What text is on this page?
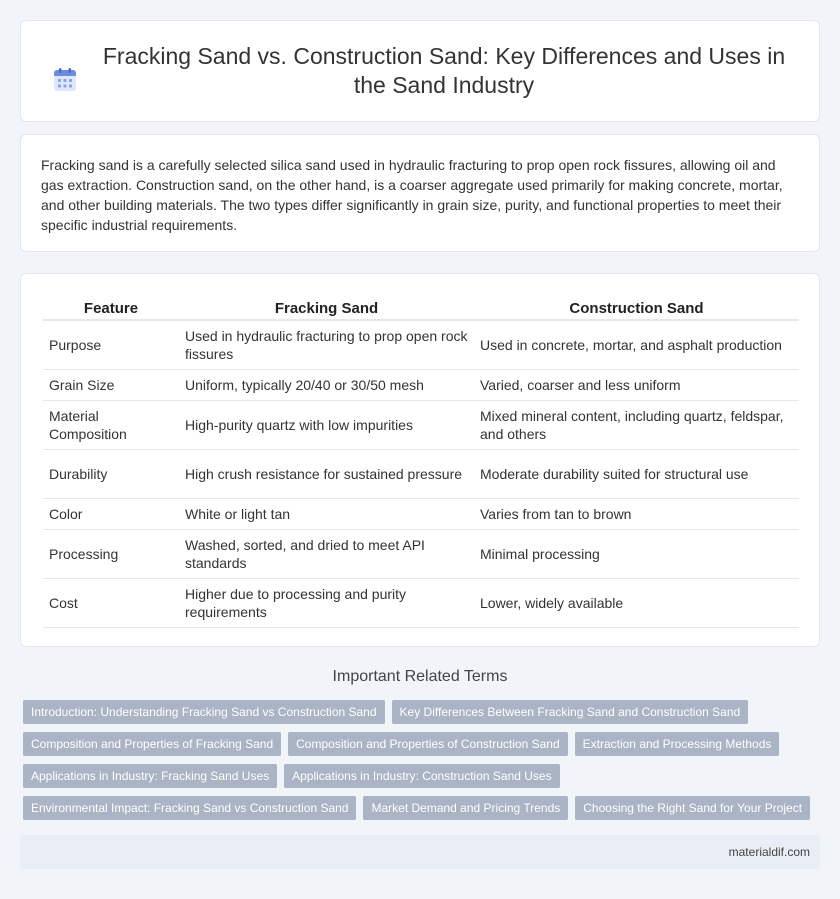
Fracking Sand vs. Construction Sand: Key Differences and Uses in the Sand Industry

Fracking sand is a carefully selected silica sand used in hydraulic fracturing to prop open rock fissures, allowing oil and gas extraction. Construction sand, on the other hand, is a coarser aggregate used primarily for making concrete, mortar, and other building materials. The two types differ significantly in grain size, purity, and functional properties to meet their specific industrial requirements.

Feature	Fracking Sand	Construction Sand
Purpose	Used in hydraulic fracturing to prop open rock fissures	Used in concrete, mortar, and asphalt production
Grain Size	Uniform, typically 20/40 or 30/50 mesh	Varied, coarser and less uniform
Material Composition	High-purity quartz with low impurities	Mixed mineral content, including quartz, feldspar, and others
Durability	High crush resistance for sustained pressure	Moderate durability suited for structural use
Color	White or light tan	Varies from tan to brown
Processing	Washed, sorted, and dried to meet API standards	Minimal processing
Cost	Higher due to processing and purity requirements	Lower, widely available
Important Related Terms
Introduction: Understanding Fracking Sand vs Construction Sand	Key Differences Between Fracking Sand and Construction Sand
Composition and Properties of Fracking Sand	Composition and Properties of Construction Sand	Extraction and Processing Methods
Applications in Industry: Fracking Sand Uses	Applications in Industry: Construction Sand Uses
Environmental Impact: Fracking Sand vs Construction Sand	Market Demand and Pricing Trends	Choosing the Right Sand for Your Project
materialdif.com
